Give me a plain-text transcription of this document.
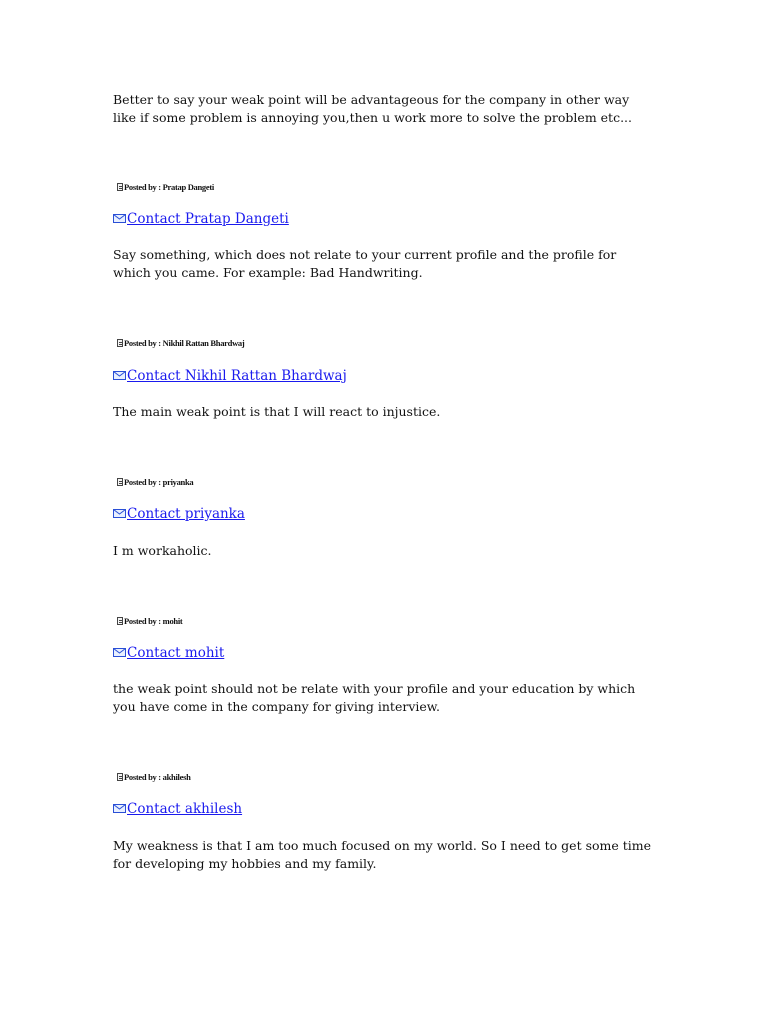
Better to say your weak point will be advantageous for the company in other way
like if some problem is annoying you,then u work more to solve the problem etc...

Posted by : Pratap Dangeti
Contact Pratap Dangeti

Say something, which does not relate to your current profile and the profile for
which you came. For example: Bad Handwriting.

Posted by : Nikhil Rattan Bhardwaj
Contact Nikhil Rattan Bhardwaj

The main weak point is that I will react to injustice.

Posted by : priyanka
Contact priyanka

I m workaholic.

Posted by : mohit
Contact mohit

the weak point should not be relate with your profile and your education by which
you have come in the company for giving interview.

Posted by : akhilesh
Contact akhilesh

My weakness is that I am too much focused on my world. So I need to get some time
for developing my hobbies and my family.
